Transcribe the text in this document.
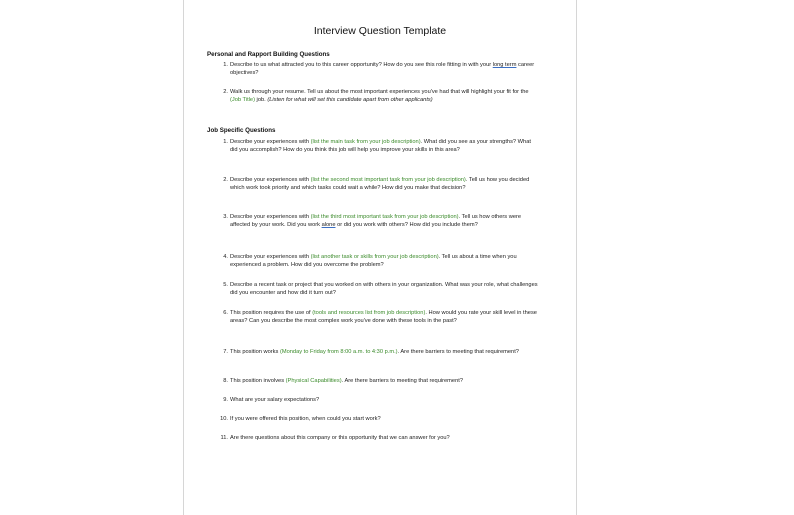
Interview Question Template
Personal and Rapport Building Questions
1. Describe to us what attracted you to this career opportunity? How do you see this role fitting in with your long term career objectives?
2. Walk us through your resume. Tell us about the most important experiences you've had that will highlight your fit for the (Job Title) job. (Listen for what will set this candidate apart from other applicants)
Job Specific Questions
1. Describe your experiences with (list the main task from your job description). What did you see as your strengths? What did you accomplish? How do you think this job will help you improve your skills in this area?
2. Describe your experiences with (list the second most important task from your job description). Tell us how you decided which work took priority and which tasks could wait a while? How did you make that decision?
3. Describe your experiences with (list the third most important task from your job description). Tell us how others were affected by your work. Did you work alone or did you work with others? How did you include them?
4. Describe your experiences with (list another task or skills from your job description). Tell us about a time when you experienced a problem. How did you overcome the problem?
5. Describe a recent task or project that you worked on with others in your organization. What was your role, what challenges did you encounter and how did it turn out?
6. This position requires the use of (tools and resources list from job description). How would you rate your skill level in these areas? Can you describe the most complex work you've done with these tools in the past?
7. This position works (Monday to Friday from 8:00 a.m. to 4:30 p.m.). Are there barriers to meeting that requirement?
8. This position involves (Physical Capabilities). Are there barriers to meeting that requirement?
9. What are your salary expectations?
10. If you were offered this position, when could you start work?
11. Are there questions about this company or this opportunity that we can answer for you?
